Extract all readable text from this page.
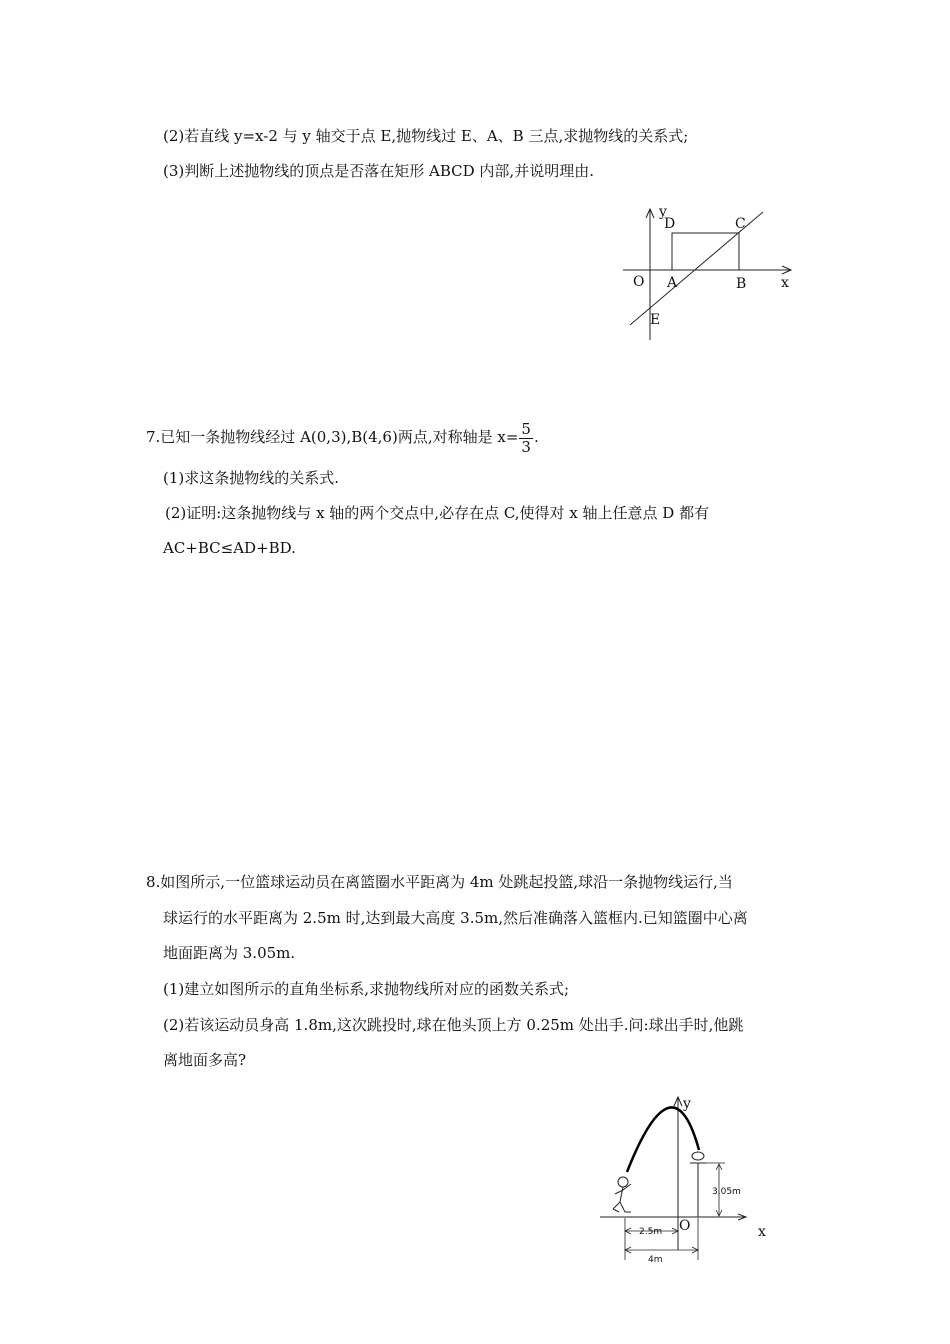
(2)若直线 y=x-2 与 y 轴交于点 E,抛物线过 E、A、B 三点,求抛物线的关系式;
(3)判断上述抛物线的顶点是否落在矩形 ABCD 内部,并说明理由.
y
D	C
O A	B x
E
7.已知一条抛物线经过 A(0,3),B(4,6)两点,对称轴是 $x= \frac{5}{3}$ .
(1)求这条抛物线的关系式.
(2)证明:这条抛物线与 x 轴的两个交点中,必存在点 C,使得对 x 轴上任意点 D 都有
AC+BC≤AD+BD.
8.如图所示,一位篮球运动员在离篮圈水平距离为 4m 处跳起投篮,球沿一条抛物线运行,当
球运行的水平距离为 2.5m 时,达到最大高度 3.5m,然后准确落入篮框内.已知篮圈中心离
地面距离为 3.05m.
(1)建立如图所示的直角坐标系,求抛物线所对应的函数关系式;
(2)若该运动员身高 1.8m,这次跳投时,球在他头顶上方 0.25m 处出手.问:球出手时,他跳
离地面多高?
3.05m
2.5m
4m
y
x
O
